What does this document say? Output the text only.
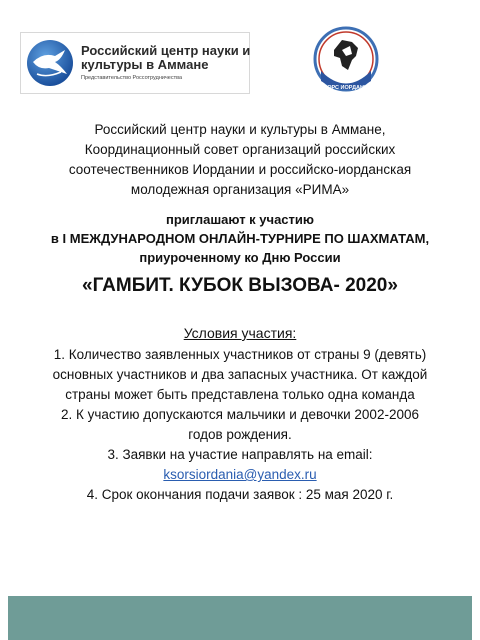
Российский центр науки и
культуры в Аммане
Представительство Россотрудничества
КСОРС ИОРДАНИИ
Российский центр науки и культуры в Аммане,
Координационный совет организаций российских
соотечественников Иордании и российско-иорданская
молодежная организация «РИМА»
приглашают к участию
в I МЕЖДУНАРОДНОМ ОНЛАЙН-ТУРНИРЕ ПО ШАХМАТАМ,
приуроченному ко Дню России
«ГАМБИТ. КУБОК ВЫЗОВА- 2020»
Условия участия:
1. Количество заявленных участников от страны 9 (девять)
основных участников и два запасных участника. От каждой
страны может быть представлена только одна команда
2. К участию допускаются мальчики и девочки 2002-2006
годов рождения.
3. Заявки на участие направлять на email:
ksorsiordania@yandex.ru
4. Срок окончания подачи заявок : 25 мая 2020 г.
